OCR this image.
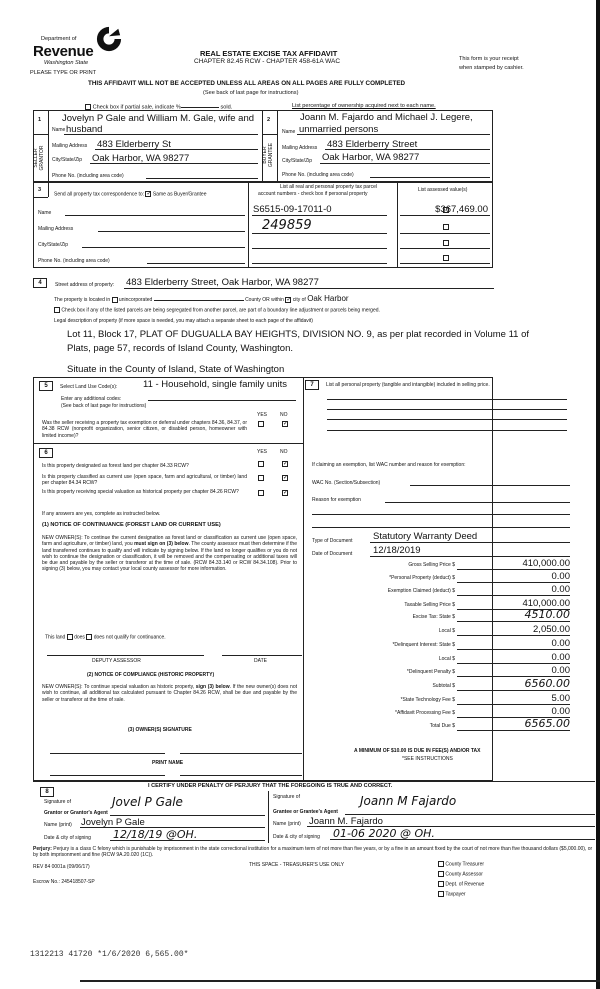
Department of
Revenue
Washington State
PLEASE TYPE OR PRINT
REAL ESTATE EXCISE TAX AFFIDAVIT
CHAPTER 82.45 RCW - CHAPTER 458-61A WAC	This form is your receipt
when stamped by cashier.
THIS AFFIDAVIT WILL NOT BE ACCEPTED UNLESS ALL AREAS ON ALL PAGES ARE FULLY COMPLETED
(See back of last page for instructions)
Check box if partial sale, indicate %	sold.	List percentage of ownership acquired next to each name.
1
SELLER GRANTOR
Jovelyn P Gale and William M. Gale, wife and
Name husband
Mailing Address 483 Elderberry St
City/State/Zip Oak Harbor, WA 98277
Phone No. (including area code)
2
BUYER GRANTEE
Joann M. Fajardo and Michael J. Legere,
Name unmarried persons
Mailing Address 483 Elderberry Street
City/State/Zip Oak Harbor, WA 98277
Phone No. (including area code)
3
Send all property tax correspondence to: ✓ Same as Buyer/Grantee
Name
Mailing Address
City/State/Zip
Phone No. (including area code)
List all real and personal property tax parcel
account numbers - check box if personal property
List assessed value(s)
S6515-09-17011-0
249859
$367,469.00
4	Street address of property: 483 Elderberry Street, Oak Harbor, WA 98277
The property is located in unincorporated	County OR within ✓ city of Oak Harbor
Check box if any of the listed parcels are being segregated from another parcel, are part of a boundary line adjustment or parcels being merged.
Legal description of property (if more space is needed, you may attach a separate sheet to each page of the affidavit)
Lot 11, Block 17, PLAT OF DUGUALLA BAY HEIGHTS, DIVISION NO. 9, as per plat recorded in Volume 11 of
Plats, page 57, records of Island County, Washington.
Situate in the County of Island, State of Washington
5	Select Land Use Code(s):	11 - Household, single family units
Enter any additional codes:
(See back of last page for instructions)
YES	NO
Was the seller receiving a property tax exemption or deferral under chapters 84.36, 84.37, or 84.38 RCW (nonprofit organization, senior citizen, or disabled person, homeowner with limited income)?
✓
6	YES	NO
Is this property designated as forest land per chapter 84.33 RCW?	✓
Is this property classified as current use (open space, farm and agricultural, or timber) land per chapter 84.34 RCW?
✓
Is this property receiving special valuation as historical property per chapter 84.26 RCW?	✓
If any answers are yes, complete as instructed below.
(1) NOTICE OF CONTINUANCE (FOREST LAND OR CURRENT USE)
NEW OWNER(S): To continue the current designation as forest land or classification as current use (open space, farm and agriculture, or timber) land, you must sign on (3) below. The county assessor must then determine if the land transferred continues to qualify and will indicate by signing below. If the land no longer qualifies or you do not wish to continue the designation or classification, it will be removed and the compensating or additional taxes will be due and payable by the seller or transferor at the time of sale. (RCW 84.33.140 or RCW 84.34.108). Prior to signing (3) below, you may contact your local county assessor for more information.
This land does does not qualify for continuance.
DEPUTY ASSESSOR	DATE
(2) NOTICE OF COMPLIANCE (HISTORIC PROPERTY)
NEW OWNER(S): To continue special valuation as historic property, sign (3) below. If the new owner(s) does not wish to continue, all additional tax calculated pursuant to Chapter 84.26 RCW, shall be due and payable by the seller or transferor at the time of sale.
(3) OWNER(S) SIGNATURE
PRINT NAME
7	List all personal property (tangible and intangible) included in selling price.
If claiming an exemption, list WAC number and reason for exemption:
WAC No. (Section/Subsection)
Reason for exemption
Type of Document Statutory Warranty Deed
Date of Document 12/18/2019
Gross Selling Price $	410,000.00
*Personal Property (deduct) $	0.00
Exemption Claimed (deduct) $	0.00
Taxable Selling Price $	410,000.00
Excise Tax: State $	4510.00
Local $	2,050.00
*Delinquent Interest: State $	0.00
Local $	0.00
*Delinquent Penalty $	0.00
Subtotal $	6560.00
*State Technology Fee $	5.00
*Affidavit Processing Fee $	0.00
Total Due $	6565.00
A MINIMUM OF $10.00 IS DUE IN FEE(S) AND/OR TAX
*SEE INSTRUCTIONS
8
I CERTIFY UNDER PENALTY OF PERJURY THAT THE FOREGOING IS TRUE AND CORRECT.
Signature of
Grantor or Grantor's Agent
Jovel P Gale
Name (print) Jovelyn P Gale
Date & city of signing 12/18/19 @OH.
Signature of
Grantee or Grantee's Agent
Joann M Fajardo
Name (print) Joann M. Fajardo
Date & city of signing 01-06 2020 @ OH.
Perjury: Perjury is a class C felony which is punishable by imprisonment in the state correctional institution for a maximum term of not more than five years, or by a fine in an amount fixed by the court of not more than five thousand dollars ($5,000.00), or by both imprisonment and fine (RCW 9A.20.020 (1C)).
REV 84 0001a (09/06/17)	THIS SPACE - TREASURER'S USE ONLY
Escrow No.: 245418507-SP
County Treasurer
County Assessor
Dept. of Revenue
Taxpayer
1312213 41720 *1/6/2020 6,565.00*
